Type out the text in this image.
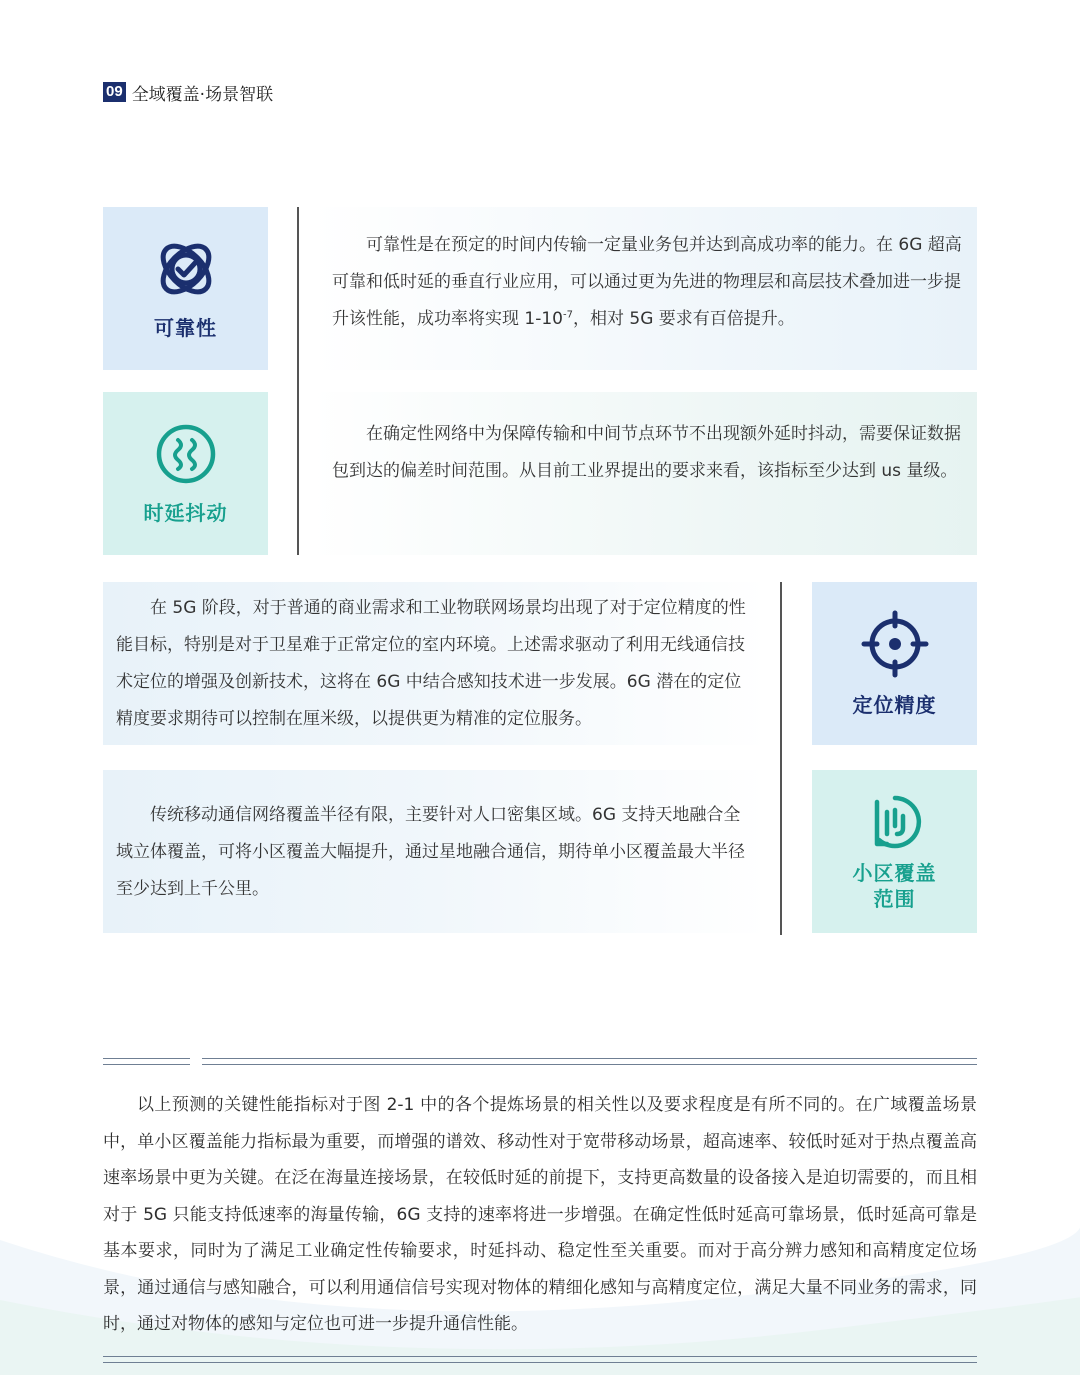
09 全域覆盖·场景智联
可靠性
时延抖动

可靠性是在预定的时间内传输一定量业务包并达到高成功率的能力。在 6G 超高可靠和低时延的垂直行业应用，可以通过更为先进的物理层和高层技术叠加进一步提升该性能，成功率将实现 $1-10^{-7}$，相对 5G 要求有百倍提升。

在确定性网络中为保障传输和中间节点环节不出现额外延时抖动，需要保证数据包到达的偏差时间范围。从目前工业界提出的要求来看，该指标至少达到 us 量级。

在 5G 阶段，对于普通的商业需求和工业物联网场景均出现了对于定位精度的性能目标，特别是对于卫星难于正常定位的室内环境。上述需求驱动了利用无线通信技术定位的增强及创新技术，这将在 6G 中结合感知技术进一步发展。6G 潜在的定位精度要求期待可以控制在厘米级，以提供更为精准的定位服务。

传统移动通信网络覆盖半径有限，主要针对人口密集区域。6G 支持天地融合全域立体覆盖，可将小区覆盖大幅提升，通过星地融合通信，期待单小区覆盖最大半径至少达到上千公里。

定位精度
小区覆盖
范围

以上预测的关键性能指标对于图 2-1 中的各个提炼场景的相关性以及要求程度是有所不同的。在广域覆盖场景中，单小区覆盖能力指标最为重要，而增强的谱效、移动性对于宽带移动场景，超高速率、较低时延对于热点覆盖高速率场景中更为关键。在泛在海量连接场景，在较低时延的前提下，支持更高数量的设备接入是迫切需要的，而且相对于 5G 只能支持低速率的海量传输，6G 支持的速率将进一步增强。在确定性低时延高可靠场景，低时延高可靠是基本要求，同时为了满足工业确定性传输要求，时延抖动、稳定性至关重要。而对于高分辨力感知和高精度定位场景，通过通信与感知融合，可以利用通信信号实现对物体的精细化感知与高精度定位，满足大量不同业务的需求，同时，通过对物体的感知与定位也可进一步提升通信性能。
